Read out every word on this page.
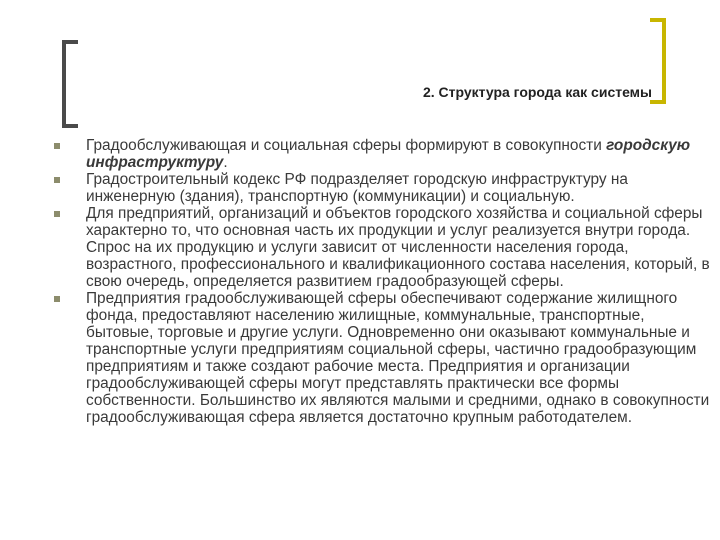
2. Структура города как системы

Градообслуживающая и социальная сферы формируют в совокупности городскую инфраструктуру.

Градостроительный кодекс РФ подразделяет городскую инфраструктуру на инженерную (здания), транспортную (коммуникации) и социальную.

Для предприятий, организаций и объектов городского хозяйства и социальной сферы характерно то, что основная часть их продукции и услуг реализуется внутри города. Спрос на их продукцию и услуги зависит от численности населения города, возрастного, профессионального и квалификационного состава населения, который, в свою очередь, определяется развитием градообразующей сферы.

Предприятия градообслуживающей сферы обеспечивают содержание жилищного фонда, предоставляют населению жилищные, коммунальные, транспортные, бытовые, торговые и другие услуги. Одновременно они оказывают коммунальные и транспортные услуги предприятиям социальной сферы, частично градообразующим предприятиям и также создают рабочие места. Предприятия и организации градообслуживающей сферы могут представлять практически все формы собственности. Большинство их являются малыми и средними, однако в совокупности градообслуживающая сфера является достаточно крупным работодателем.
